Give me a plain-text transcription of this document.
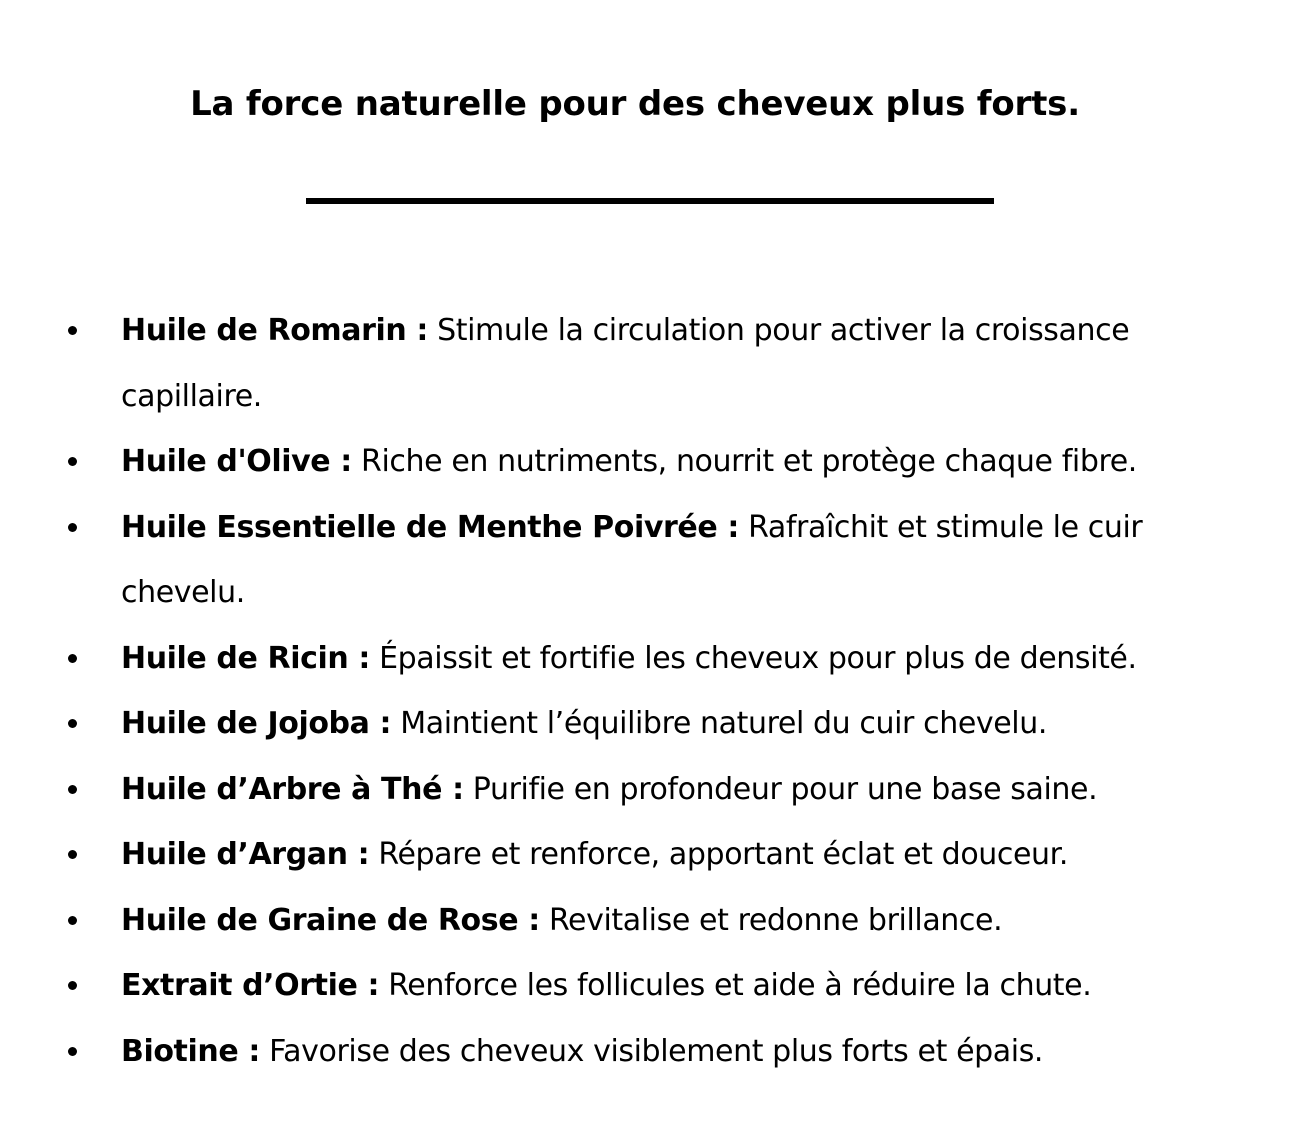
La force naturelle pour des cheveux plus forts.
Huile de Romarin : Stimule la circulation pour activer la croissance capillaire.
Huile d'Olive : Riche en nutriments, nourrit et protège chaque fibre.
Huile Essentielle de Menthe Poivrée : Rafraîchit et stimule le cuir chevelu.
Huile de Ricin : Épaissit et fortifie les cheveux pour plus de densité.
Huile de Jojoba : Maintient l’équilibre naturel du cuir chevelu.
Huile d’Arbre à Thé : Purifie en profondeur pour une base saine.
Huile d’Argan : Répare et renforce, apportant éclat et douceur.
Huile de Graine de Rose : Revitalise et redonne brillance.
Extrait d’Ortie : Renforce les follicules et aide à réduire la chute.
Biotine : Favorise des cheveux visiblement plus forts et épais.
